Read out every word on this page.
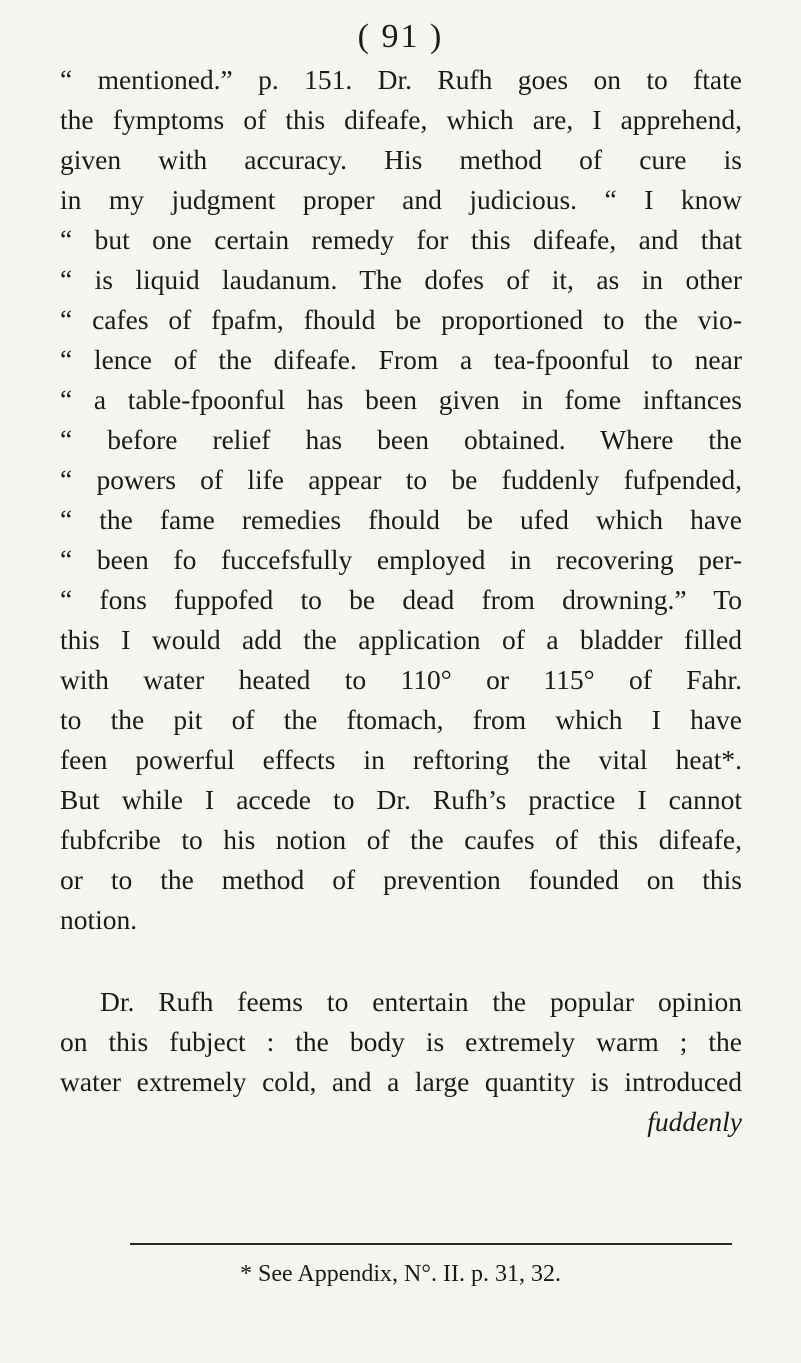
( 91 )
“ mentioned.” p. 151. Dr. Rufh goes on to ftate
the fymptoms of this difeafe, which are, I apprehend,
given with accuracy. His method of cure is
in my judgment proper and judicious. “ I know
“ but one certain remedy for this difeafe, and that
“ is liquid laudanum. The dofes of it, as in other
“ cafes of fpafm, fhould be proportioned to the vio-
“ lence of the difeafe. From a tea-fpoonful to near
“ a table-fpoonful has been given in fome inftances
“ before relief has been obtained. Where the
“ powers of life appear to be fuddenly fufpended,
“ the fame remedies fhould be ufed which have
“ been fo fuccefsfully employed in recovering per-
“ fons fuppofed to be dead from drowning.” To
this I would add the application of a bladder filled
with water heated to 110° or 115° of Fahr.
to the pit of the ftomach, from which I have
feen powerful effects in reftoring the vital heat*.
But while I accede to Dr. Rufh’s practice I cannot
fubfcribe to his notion of the caufes of this difeafe,
or to the method of prevention founded on this
notion.
Dr. Rufh feems to entertain the popular opinion
on this fubject : the body is extremely warm ; the
water extremely cold, and a large quantity is introduced
fuddenly
* See Appendix, N°. II. p. 31, 32.
